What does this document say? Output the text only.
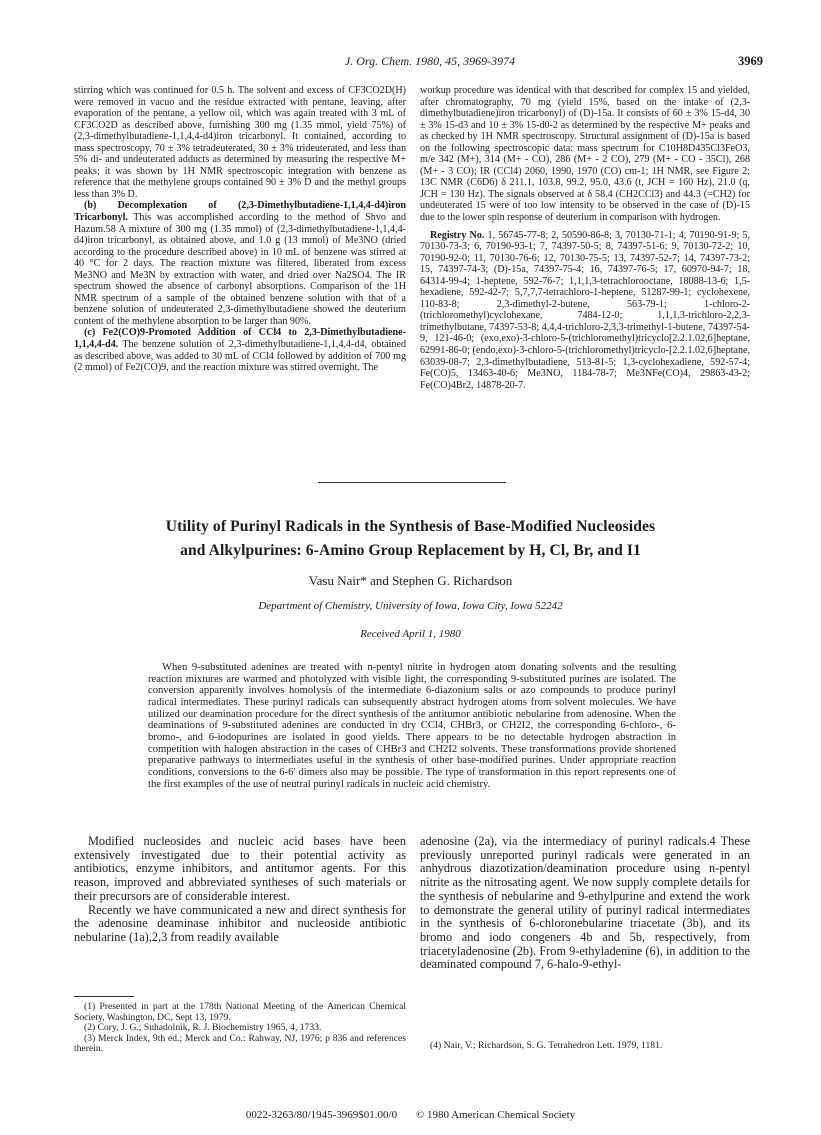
J. Org. Chem. 1980, 45, 3969-3974	3969

stirring which was continued for 0.5 h. The solvent and excess of CF3CO2D(H) were removed in vacuo and the residue extracted with pentane, leaving, after evaporation of the pentane, a yellow oil, which was again treated with 3 mL of CF3CO2D as described above, furnishing 300 mg (1.35 mmol, yield 75%) of (2,3-dimethylbutadiene-1,1,4,4-d4)iron tricarbonyl. It contained, according to mass spectroscopy, 70 ± 3% tetradeuterated, 30 ± 3% trideuterated, and less than 5% di- and undeuterated adducts as determined by measuring the respective M+ peaks; it was shown by 1H NMR spectroscopic integration with benzene as reference that the methylene groups contained 90 ± 3% D and the methyl groups less than 3% D.

(b) Decomplexation of (2,3-Dimethylbutadiene-1,1,4,4-d4)iron Tricarbonyl. This was accomplished according to the method of Shvo and Hazum.58 A mixture of 300 mg (1.35 mmol) of (2,3-dimethylbutadiene-1,1,4,4-d4)iron tricarbonyl, as obtained above, and 1.0 g (13 mmol) of Me3NO (dried according to the procedure described above) in 10 mL of benzene was stirred at 40 °C for 2 days. The reaction mixture was filtered, liberated from excess Me3NO and Me3N by extraction with water, and dried over Na2SO4. The IR spectrum showed the absence of carbonyl absorptions. Comparison of the 1H NMR spectrum of a sample of the obtained benzene solution with that of a benzene solution of undeuterated 2,3-dimethylbutadiene showed the deuterium content of the methylene absorption to be larger than 90%.

(c) Fe2(CO)9-Promoted Addition of CCl4 to 2,3-Dimethylbutadiene-1,1,4,4-d4. The benzene solution of 2,3-dimethylbutadiene-1,1,4,4-d4, obtained as described above, was added to 30 mL of CCl4 followed by addition of 700 mg (2 mmol) of Fe2(CO)9, and the reaction mixture was stirred overnight. The

workup procedure was identical with that described for complex 15 and yielded, after chromatography, 70 mg (yield 15%, based on the intake of (2,3-dimethylbutadiene)iron tricarbonyl) of (D)-15a. It consists of 60 ± 3% 15-d4, 30 ± 3% 15-d3 and 10 ± 3% 15-d0-2 as determined by the respective M+ peaks and as checked by 1H NMR spectroscopy. Structural assignment of (D)-15a is based on the following spectroscopic data: mass spectrum for C10H8D435Cl3FeO3, m/e 342 (M+), 314 (M+ - CO), 286 (M+ - 2 CO), 279 (M+ - CO - 35Cl), 268 (M+ - 3 CO); IR (CCl4) 2060, 1990, 1970 (CO) cm-1; 1H NMR, see Figure 2; 13C NMR (C6D6) δ 211.1, 103.8, 99.2, 95.0, 43.6 (t, JCH = 160 Hz), 21.0 (q, JCH = 130 Hz). The signals observed at δ 58.4 (CH2CCl3) and 44.3 (=CH2) for undeuterated 15 were of too low intensity to be observed in the case of (D)-15 due to the lower spin response of deuterium in comparison with hydrogen.

Registry No. 1, 56745-77-8; 2, 50590-86-8; 3, 70130-71-1; 4, 70190-91-9; 5, 70130-73-3; 6, 70190-93-1; 7, 74397-50-5; 8, 74397-51-6; 9, 70130-72-2; 10, 70190-92-0; 11, 70130-76-6; 12, 70130-75-5; 13, 74397-52-7; 14, 74397-73-2; 15, 74397-74-3; (D)-15a, 74397-75-4; 16, 74397-76-5; 17, 60970-94-7; 18, 64314-99-4; 1-heptene, 592-76-7; 1,1,1,3-tetrachlorooctane, 18088-13-6; 1,5-hexadiene, 592-42-7; 5,7,7,7-tetrachloro-1-heptene, 51287-99-1; cyclohexene, 110-83-8; 2,3-dimethyl-2-butene, 563-79-1; 1-chloro-2-(trichloromethyl)cyclohexane, 7484-12-0; 1,1,1,3-trichloro-2,2,3-trimethylbutane, 74397-53-8; 4,4,4-trichloro-2,3,3-trimethyl-1-butene, 74397-54-9, 121-46-0; (exo,exo)-3-chloro-5-(trichloromethyl)tricyclo[2.2.1.02,6]heptane, 62991-86-0; (endo,exo)-3-chloro-5-(trichloromethyl)tricyclo-[2.2.1.02,6]heptane, 63039-08-7; 2,3-dimethylbutadiene, 513-81-5; 1,3-cyclohexadiene, 592-57-4; Fe(CO)5, 13463-40-6; Me3NO, 1184-78-7; Me3NFe(CO)4, 29863-43-2; Fe(CO)4Br2, 14878-20-7.

Utility of Purinyl Radicals in the Synthesis of Base-Modified Nucleosides
and Alkylpurines: 6-Amino Group Replacement by H, Cl, Br, and I1
Vasu Nair* and Stephen G. Richardson
Department of Chemistry, University of Iowa, Iowa City, Iowa 52242
Received April 1, 1980
When 9-substituted adenines are treated with n-pentyl nitrite in hydrogen atom donating solvents and the resulting reaction mixtures are warmed and photolyzed with visible light, the corresponding 9-substituted purines are isolated. The conversion apparently involves homolysis of the intermediate 6-diazonium salts or azo compounds to produce purinyl radical intermediates. These purinyl radicals can subsequently abstract hydrogen atoms from solvent molecules. We have utilized our deamination procedure for the direct synthesis of the antitumor antibiotic nebularine from adenosine. When the deaminations of 9-substituted adenines are conducted in dry CCl4, CHBr3, or CH2I2, the corresponding 6-chloro-, 6-bromo-, and 6-iodopurines are isolated in good yields. There appears to be no detectable hydrogen abstraction in competition with halogen abstraction in the cases of CHBr3 and CH2I2 solvents. These transformations provide shortened preparative pathways to intermediates useful in the synthesis of other base-modified purines. Under appropriate reaction conditions, conversions to the 6-6' dimers also may be possible. The type of transformation in this report represents one of the first examples of the use of neutral purinyl radicals in nucleic acid chemistry.

Modified nucleosides and nucleic acid bases have been extensively investigated due to their potential activity as antibiotics, enzyme inhibitors, and antitumor agents. For this reason, improved and abbreviated syntheses of such materials or their precursors are of considerable interest.

Recently we have communicated a new and direct synthesis for the adenosine deaminase inhibitor and nucleoside antibiotic nebularine (1a),2,3 from readily available

adenosine (2a), via the intermediacy of purinyl radicals.4 These previously unreported purinyl radicals were generated in an anhydrous diazotization/deamination procedure using n-pentyl nitrite as the nitrosating agent. We now supply complete details for the synthesis of nebularine and 9-ethylpurine and extend the work to demonstrate the general utility of purinyl radical intermediates in the synthesis of 6-chloronebularine triacetate (3b), and its bromo and iodo congeners 4b and 5b, respectively, from triacetyladenosine (2b). From 9-ethyladenine (6), in addition to the deaminated compound 7, 6-halo-9-ethyl-

(1) Presented in part at the 178th National Meeting of the American Chemical Society, Washington, DC, Sept 13, 1979.

(2) Cory, J. G.; Suhadolnik, R. J. Biochemistry 1965, 4, 1733.

(3) Merck Index, 9th ed.; Merck and Co.: Rahway, NJ, 1976; p 836 and references therein.	(4) Nair, V.; Richardson, S. G. Tetrahedron Lett. 1979, 1181.

0022-3263/80/1945-3969$01.00/0 © 1980 American Chemical Society
